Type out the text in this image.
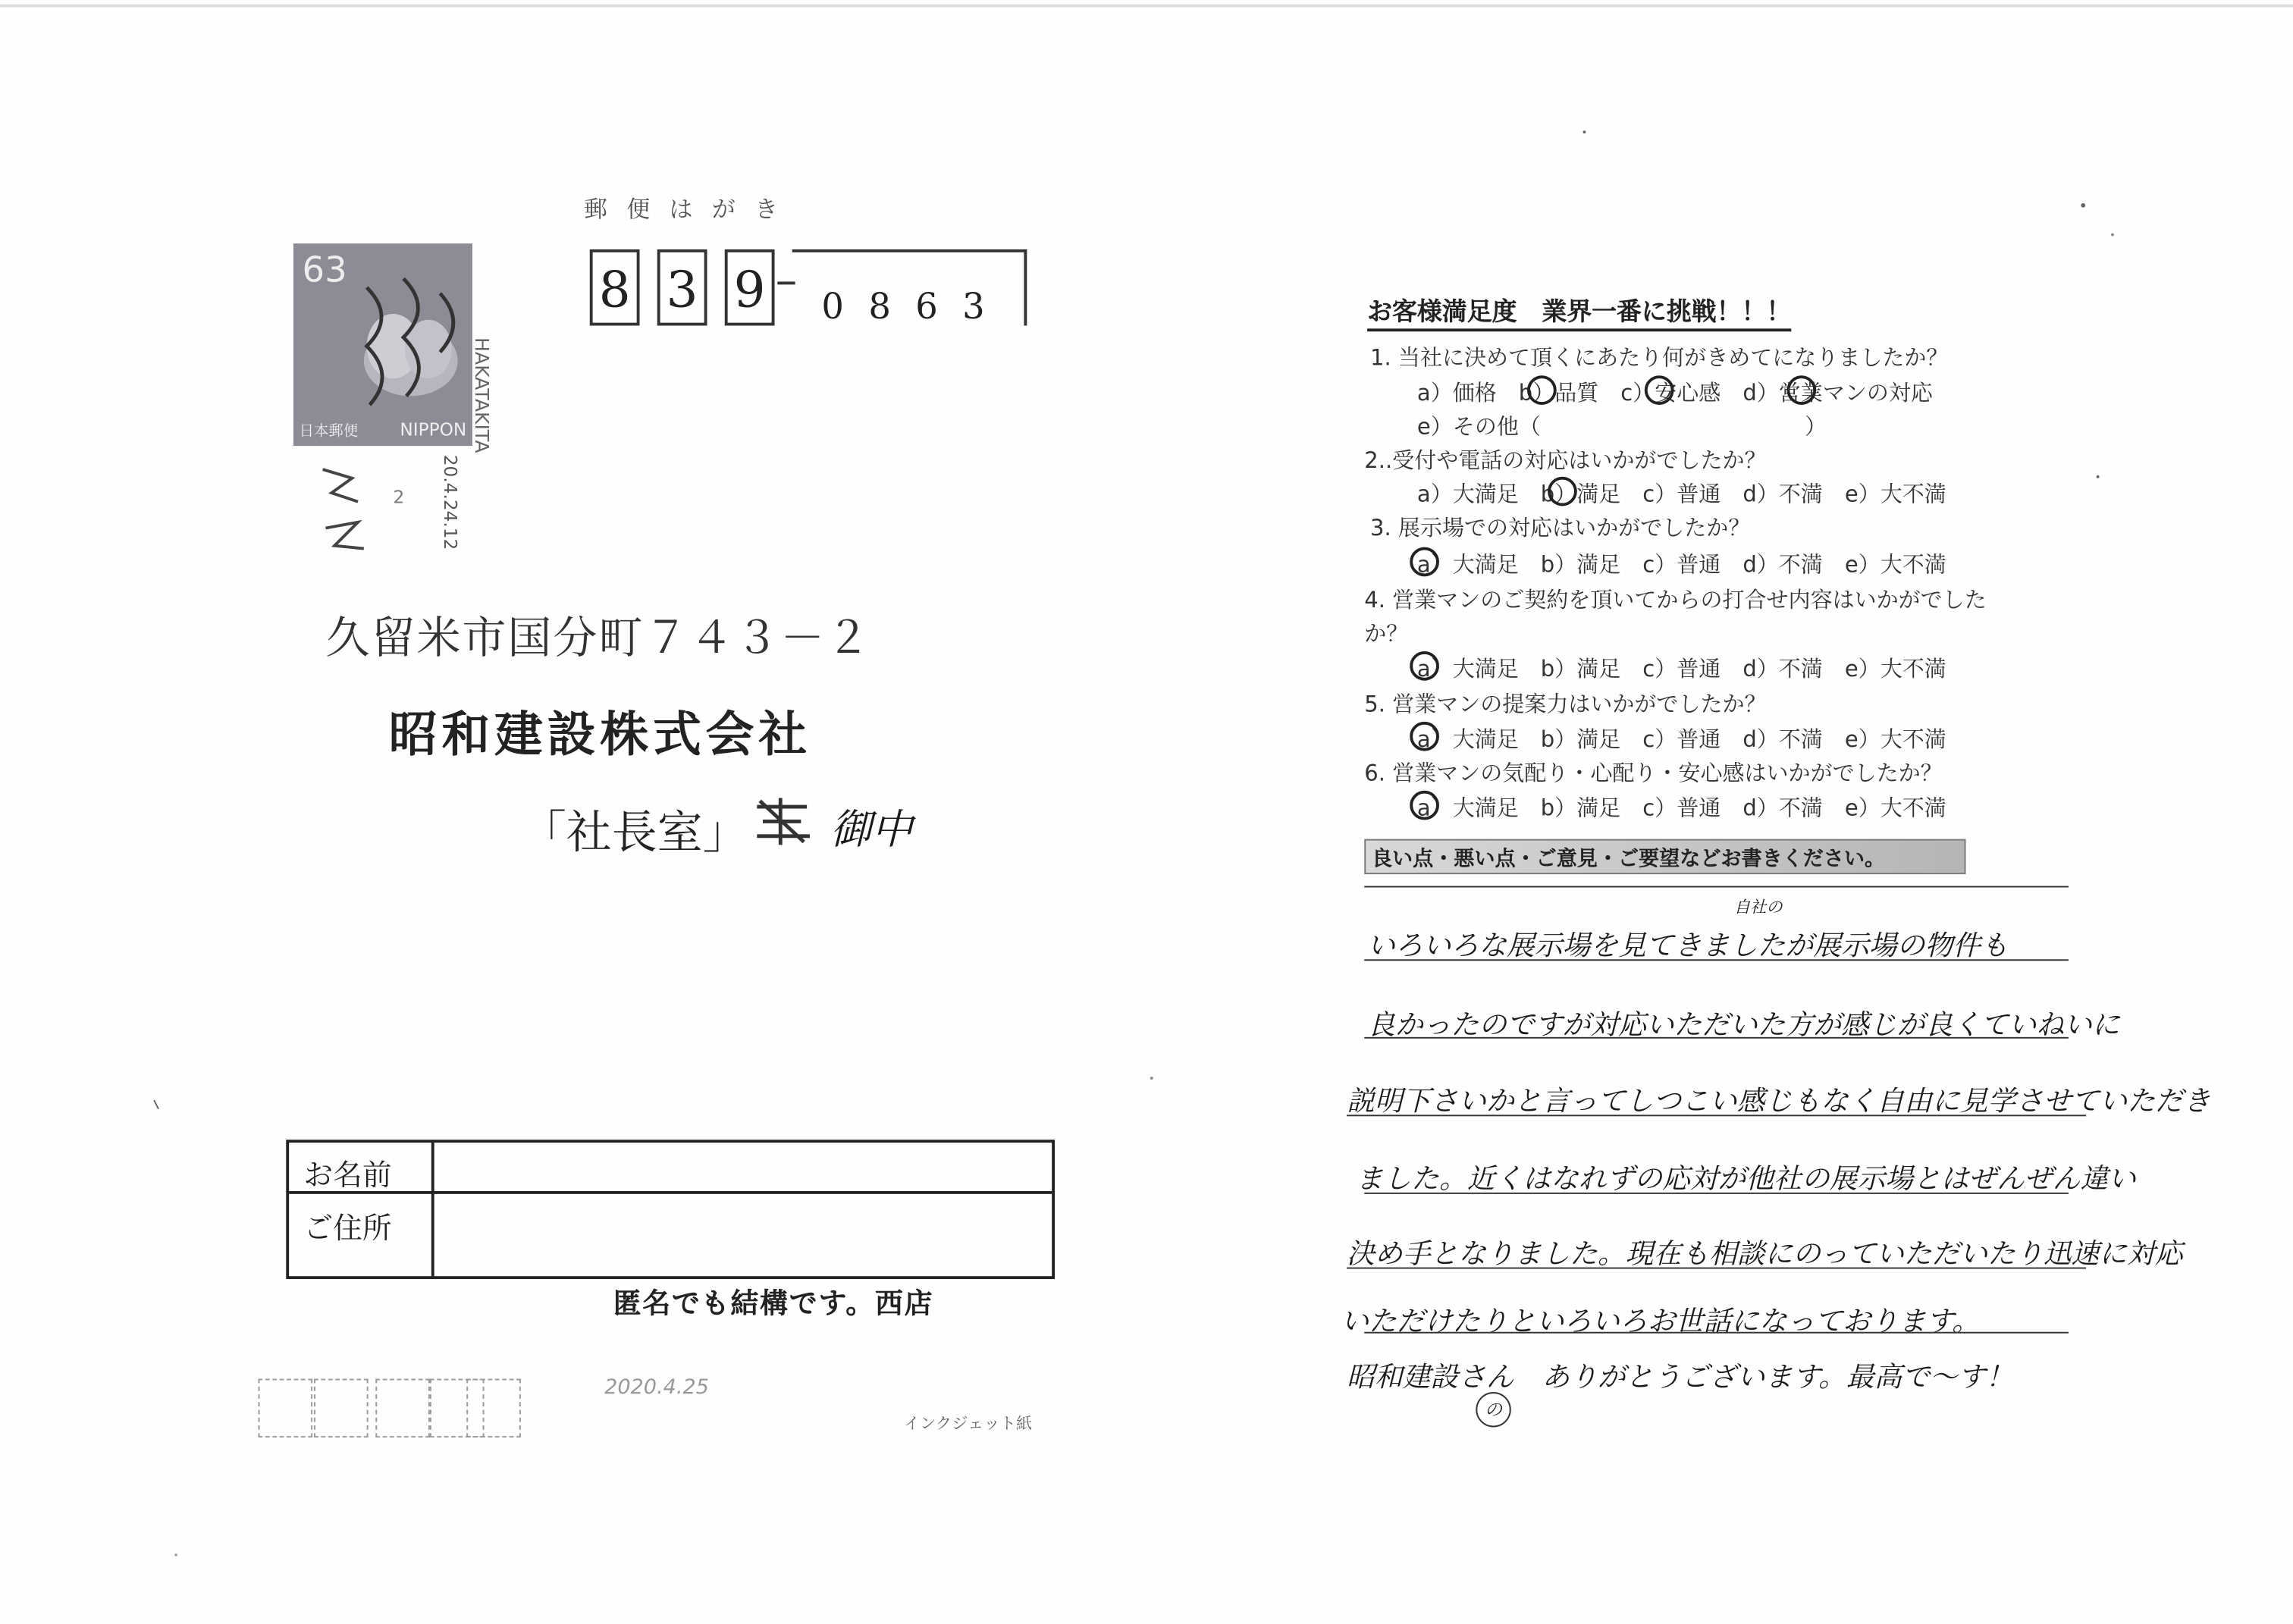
郵 便 は が き
8	3	9	0 8 6 3
63
日本郵便	NIPPON HAKATAKITA
20.4.24.12
2
久留米市国分町７４３－２
昭和建設株式会社
「社長室」	御中
お名前
ご住所
匿名でも結構です。西店
2020.4.25
インクジェット紙
お客様満足度　業界一番に挑戦！！！
1. 当社に決めて頂くにあたり何がきめてになりましたか？
a）価格　b）品質　c）安心感　d）営業マンの対応
e）その他（　　　　　　　　　　　　）
2..受付や電話の対応はいかがでしたか？
a）大満足　b）満足　c）普通　d）不満　e）大不満
3. 展示場での対応はいかがでしたか？
a）大満足　b）満足　c）普通　d）不満　e）大不満
4. 営業マンのご契約を頂いてからの打合せ内容はいかがでした
か？
a）大満足　b）満足　c）普通　d）不満　e）大不満
5. 営業マンの提案力はいかがでしたか？
a）大満足　b）満足　c）普通　d）不満　e）大不満
6. 営業マンの気配り・心配り・安心感はいかがでしたか？
a）大満足　b）満足　c）普通　d）不満　e）大不満
良い点・悪い点・ご意見・ご要望などお書きください。
自社の
いろいろな展示場を見てきましたが展示場の物件も
良かったのですが対応いただいた方が感じが良くていねいに
説明下さいかと言ってしつこい感じもなく自由に見学させていただき
ました。近くはなれずの応対が他社の展示場とはぜんぜん違い
決め手となりました。現在も相談にのっていただいたり迅速に対応
いただけたりといろいろお世話になっております。
昭和建設さん　ありがとうございます。最高で〜す！
の
